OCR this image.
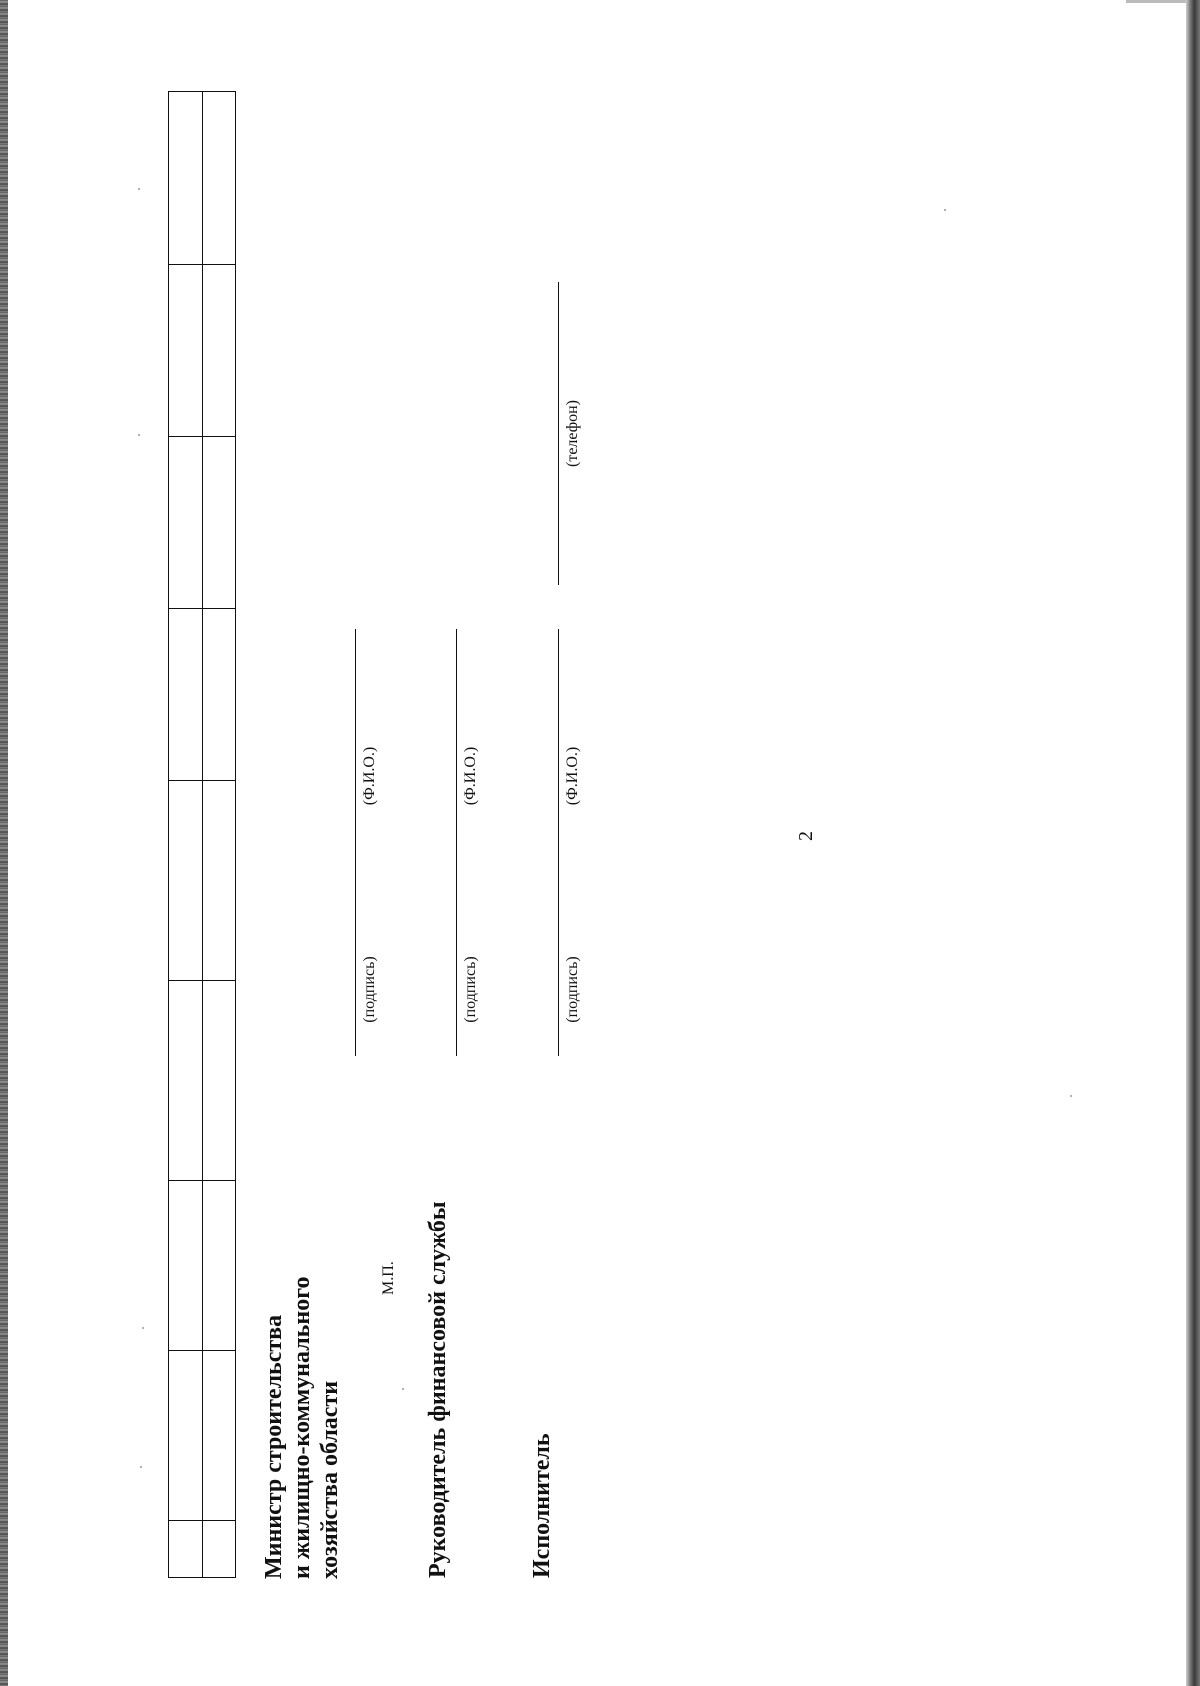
2

Министр строительства и жилищно-коммунального хозяйства области
М.П.
(подпись)
(Ф.И.О.)
Руководитель финансовой службы
(подпись)
(Ф.И.О.)
Исполнитель
(подпись)
(Ф.И.О.)
(телефон)
